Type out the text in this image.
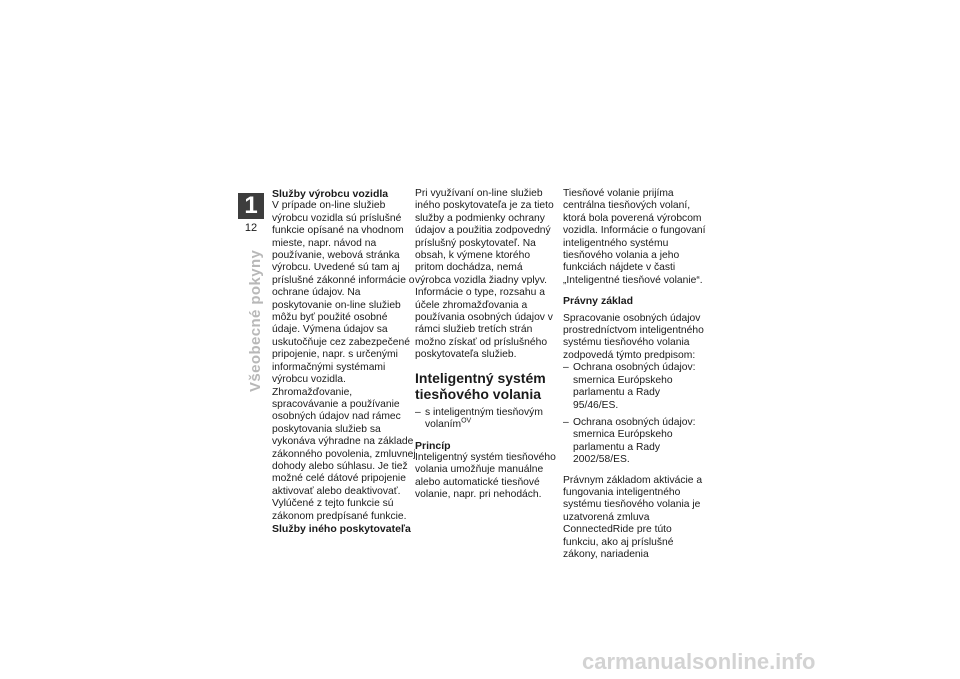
1
12
Všeobecné pokyny

Služby výrobcu vozidla

V prípade on-line služieb výrobcu vozidla sú príslušné funkcie opísané na vhodnom mieste, napr. návod na používanie, webová stránka výrobcu. Uvedené sú tam aj príslušné zákonné informácie o ochrane údajov. Na poskytovanie on-line služieb môžu byť použité osobné údaje. Výmena údajov sa uskutočňuje cez zabezpečené pripojenie, napr. s určenými informačnými systémami výrobcu vozidla.

Zhromažďovanie, spracovávanie a používanie osobných údajov nad rámec poskytovania služieb sa vykonáva výhradne na základe zákonného povolenia, zmluvnej dohody alebo súhlasu. Je tiež možné celé dátové pripojenie aktivovať alebo deaktivovať. Vylúčené z tejto funkcie sú zákonom predpísané funkcie.

Služby iného poskytovateľa

Pri využívaní on-line služieb iného poskytovateľa je za tieto služby a podmienky ochrany údajov a použitia zodpovedný príslušný poskytovateľ. Na obsah, k výmene ktorého pritom dochádza, nemá výrobca vozidla žiadny vplyv. Informácie o type, rozsahu a účele zhromažďovania a používania osobných údajov v rámci služieb tretích strán možno získať od príslušného poskytovateľa služieb.

Inteligentný systém tiesňového volania

– s inteligentným tiesňovým volaním$^{OV}$

Princíp

Inteligentný systém tiesňového volania umožňuje manuálne alebo automatické tiesňové volanie, napr. pri nehodách.

Tiesňové volanie prijíma centrálna tiesňových volaní, ktorá bola poverená výrobcom vozidla. Informácie o fungovaní inteligentného systému tiesňového volania a jeho funkciách nájdete v časti „Inteligentné tiesňové volanie“.

Právny základ

Spracovanie osobných údajov prostredníctvom inteligentného systému tiesňového volania zodpovedá týmto predpisom:

– Ochrana osobných údajov: smernica Európskeho parlamentu a Rady 95/46/ES.

– Ochrana osobných údajov: smernica Európskeho parlamentu a Rady 2002/58/ES.

Právnym základom aktivácie a fungovania inteligentného systému tiesňového volania je uzatvorená zmluva ConnectedRide pre túto funkciu, ako aj príslušné zákony, nariadenia

carmanualsonline.info
